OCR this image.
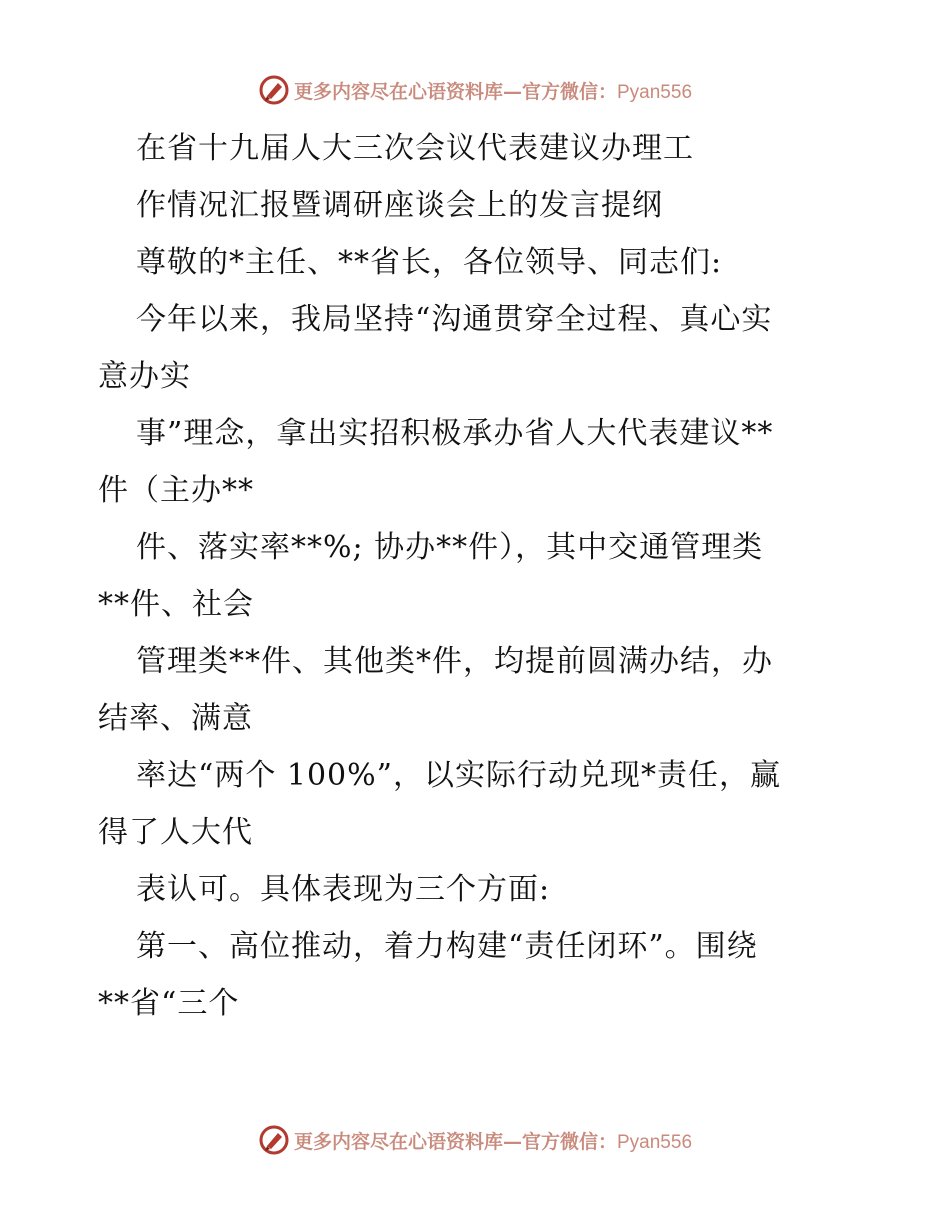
更多内容尽在心语资料库—官方微信：Pyan556
在省十九届人大三次会议代表建议办理工
作情况汇报暨调研座谈会上的发言提纲
尊敬的*主任、**省长，各位领导、同志们:
今年以来，我局坚持“沟通贯穿全过程、真心实
意办实
事”理念，拿出实招积极承办省人大代表建议**
件（主办**
件、落实率**%; 协办**件），其中交通管理类
**件、社会
管理类**件、其他类*件，均提前圆满办结，办
结率、满意
率达“两个 100%”，以实际行动兑现*责任，赢
得了人大代
表认可。具体表现为三个方面:
第一、高位推动，着力构建“责任闭环”。围绕
**省“三个
更多内容尽在心语资料库—官方微信：Pyan556
